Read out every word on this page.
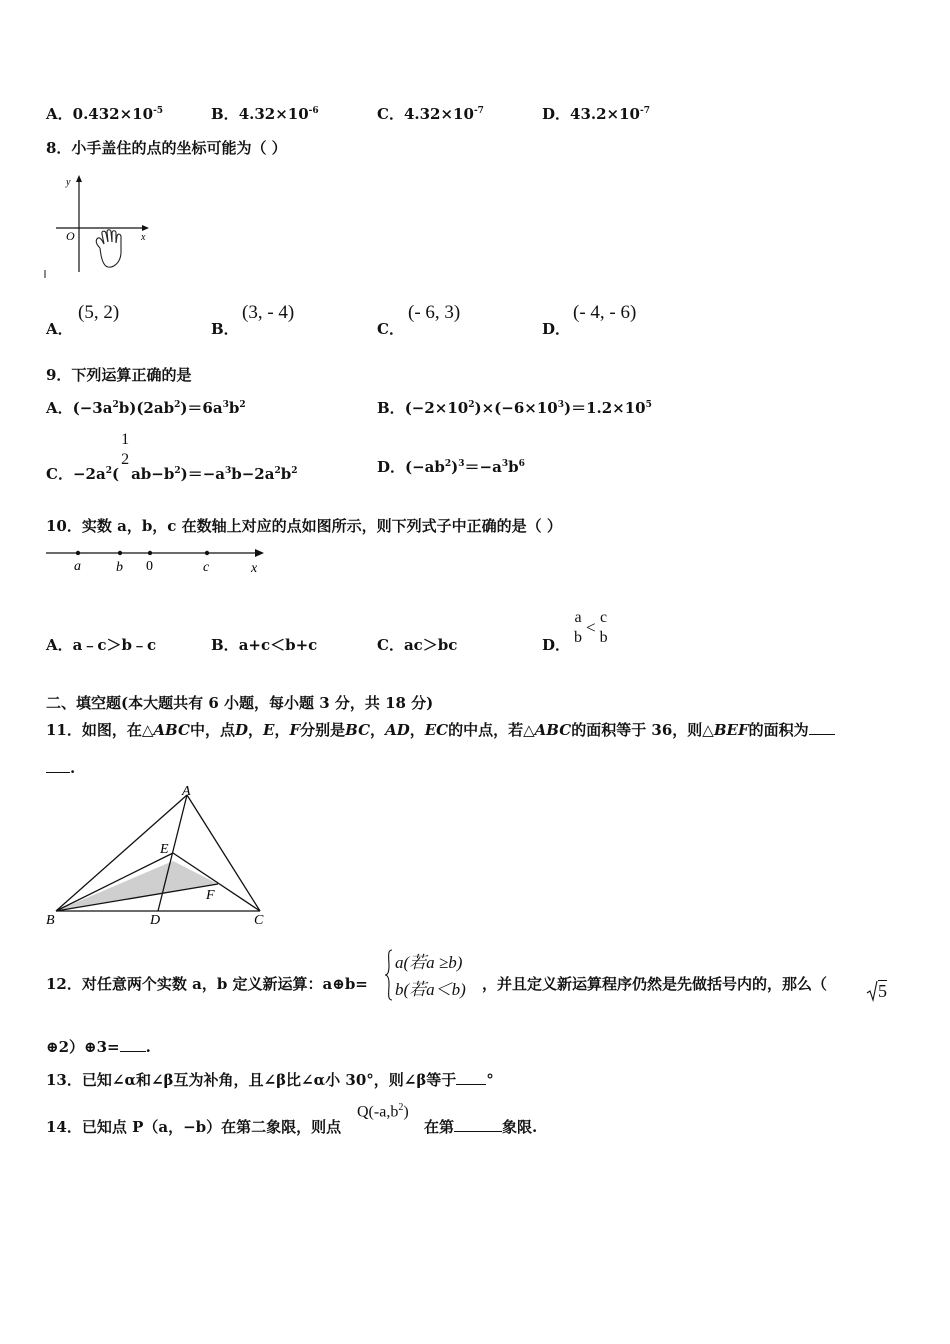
A．$0.432\times 10^{-5}$	B．$4.32\times 10^{-6}$	C．$4.32\times 10^{-7}$	D．$43.2\times 10^{-7}$
8．小手盖住的点的坐标可能为（ ）
y
x
O
A．
(5, 2)
B．
(3, - 4)
C．
(- 6, 3)
D．
(- 4, - 6)
9．下列运算正确的是
A．$(-3a^2b)(2ab^2)=6a^3b^2$	B．$(-2\times 10^2)\times(-6\times 10^3)=1.2\times 10^5$
C．$-2a^2$(
1
2
$ab-b^2)=-a^3b-2a^2b^2$	D．$(-ab^2)^3=-a^3b^6$
10．实数 a，b，c 在数轴上对应的点如图所示，则下列式子中正确的是（ ）
a	b 0	c	x
A．a﹣c＞b﹣c	B．a+c＜b+c	C．ac＞bc	D．
a
b
<
c
b
二、填空题(本大题共有 6 小题，每小题 3 分，共 18 分)
11．如图，在△ABC中，点D，E，F分别是BC，AD，EC的中点，若△ABC的面积等于 36，则△BEF的面积为
.
A
B	C
D
E
F
12．对任意两个实数 a，b 定义新运算：a⊕b=
a(若a ≥b)
b(若a＜b) ，并且定义新运算程序仍然是先做括号内的，那么（	5
⊕2）⊕3= .
13．已知∠α和∠β互为补角，且∠β比∠α小 30°，则∠β等于 °
14．已知点 P（a，−b）在第二象限，则点
$Q(-a,b^2)$
在第	象限.
